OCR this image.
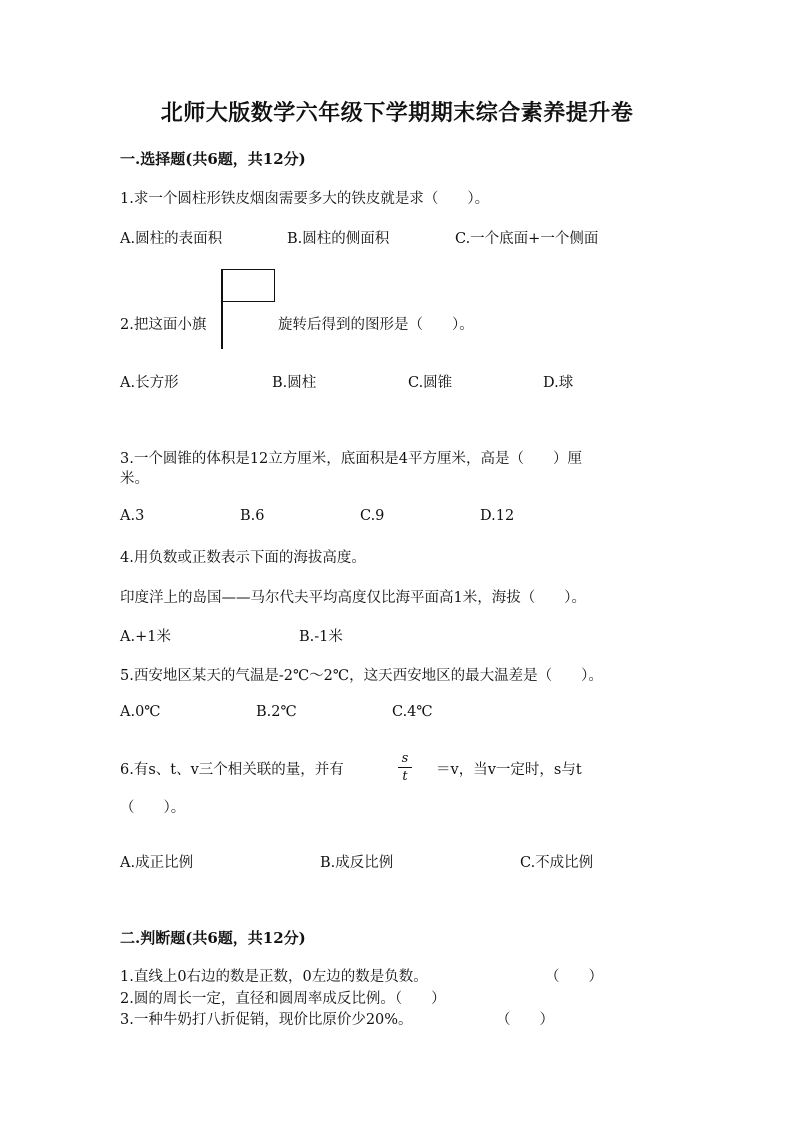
北师大版数学六年级下学期期末综合素养提升卷
一.选择题(共6题，共12分)
1.求一个圆柱形铁皮烟囱需要多大的铁皮就是求（　　）。
A.圆柱的表面积	B.圆柱的侧面积	C.一个底面+一个侧面
2.把这面小旗	旋转后得到的图形是（　　）。
A.长方形	B.圆柱	C.圆锥	D.球
3.一个圆锥的体积是12立方厘米，底面积是4平方厘米，高是（　　）厘
米。
A.3	B.6	C.9	D.12
4.用负数或正数表示下面的海拔高度。
印度洋上的岛国——马尔代夫平均高度仅比海平面高1米，海拔（　　）。
A.+1米	B.-1米
5.西安地区某天的气温是-2℃～2℃，这天西安地区的最大温差是（　　）。
A.0℃	B.2℃	C.4℃
6.有s、t、v三个相关联的量，并有
s
t	＝v，当v一定时，s与t
（　　）。
A.成正比例	B.成反比例	C.不成比例
二.判断题(共6题，共12分)
1.直线上0右边的数是正数，0左边的数是负数。	（　　）
2.圆的周长一定，直径和圆周率成反比例。（　　）
3.一种牛奶打八折促销，现价比原价少20%。	（　　）
